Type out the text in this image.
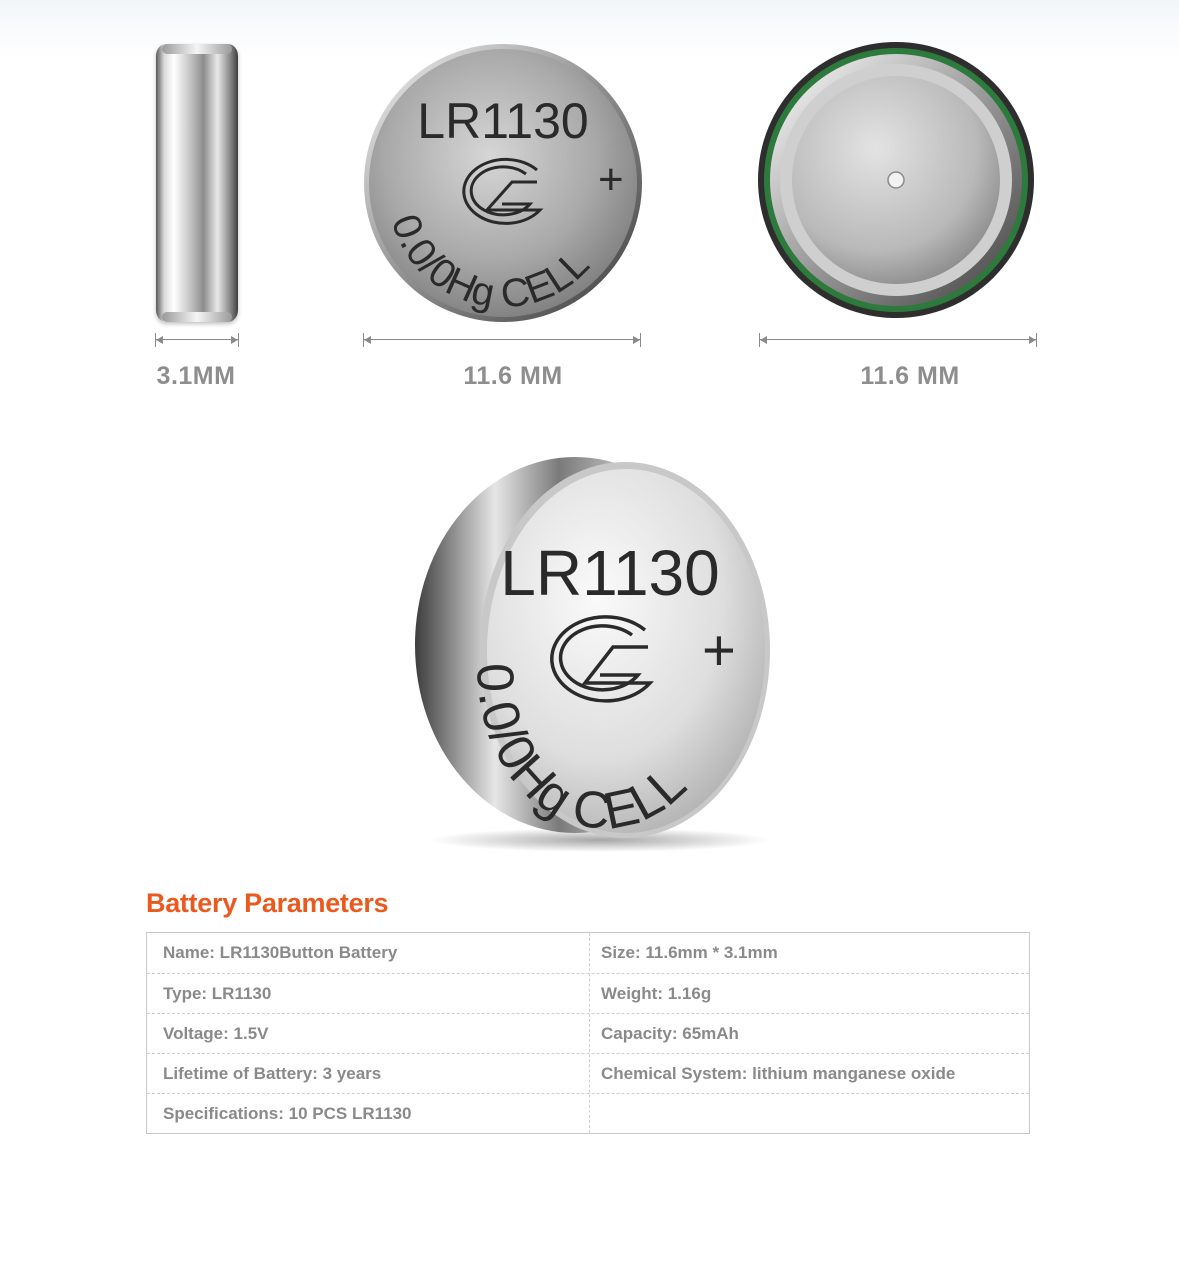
LR1130
0.0/0Hg CELL
+
3.1MM	11.6 MM	11.6 MM
LR1130
0.0/0Hg CELL
+
Battery Parameters
Name: LR1130Button Battery	Size: 11.6mm * 3.1mm
Type: LR1130	Weight: 1.16g
Voltage: 1.5V	Capacity: 65mAh
Lifetime of Battery: 3 years	Chemical System: lithium manganese oxide
Specifications: 10 PCS LR1130
